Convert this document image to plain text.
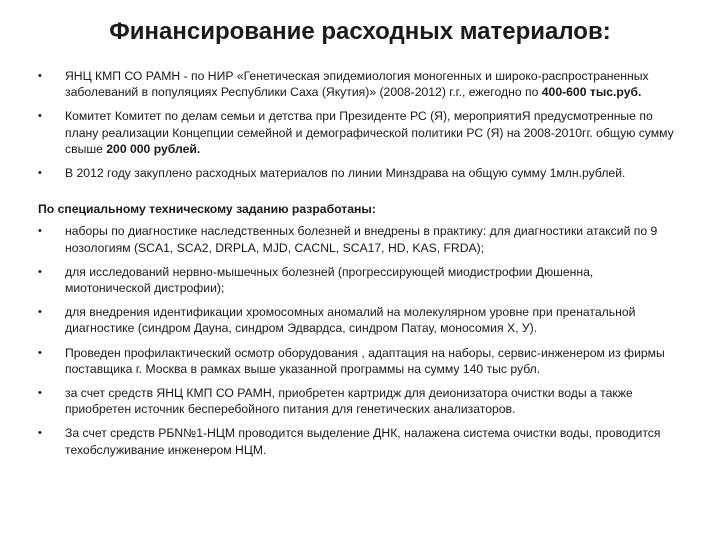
Финансирование расходных материалов:
• ЯНЦ КМП СО РАМН - по НИР «Генетическая эпидемиология моногенных и широко-распространенных заболеваний в популяциях Республики Саха (Якутия)» (2008-2012) г.г., ежегодно по 400-600 тыс.руб.
• Комитет Комитет по делам семьи и детства при Президенте РС (Я), мероприятиЯ предусмотренные по плану реализации Концепции семейной и демографической политики РС (Я) на 2008-2010гг. общую сумму свыше 200 000 рублей.
• В 2012 году закуплено расходных материалов по линии Минздрава на общую сумму 1млн.рублей.
По специальному техническому заданию разработаны:
• наборы по диагностике наследственных болезней и внедрены в практику: для диагностики атаксий по 9 нозологиям (SCA1, SCA2, DRPLA, MJD, CACNL, SCA17, HD, KAS, FRDA);
• для исследований нервно-мышечных болезней (прогрессирующей миодистрофии Дюшенна, миотонической дистрофии);
• для внедрения идентификации хромосомных аномалий на молекулярном уровне при пренатальной диагностике (синдром Дауна, синдром Эдвардса, синдром Патау, моносомия Х, У).
• Проведен профилактический осмотр оборудования , адаптация на наборы, сервис-инженером из фирмы поставщика г. Москва в рамках выше указанной программы на сумму 140 тыс рубл.
• за счет средств ЯНЦ КМП СО РАМН, приобретен картридж для деионизатора очистки воды а также приобретен источник бесперебойного питания для генетических анализаторов.
• За счет средств РБN№1-НЦМ проводится выделение ДНК, налажена система очистки воды, проводится техобслуживание инженером НЦМ.
